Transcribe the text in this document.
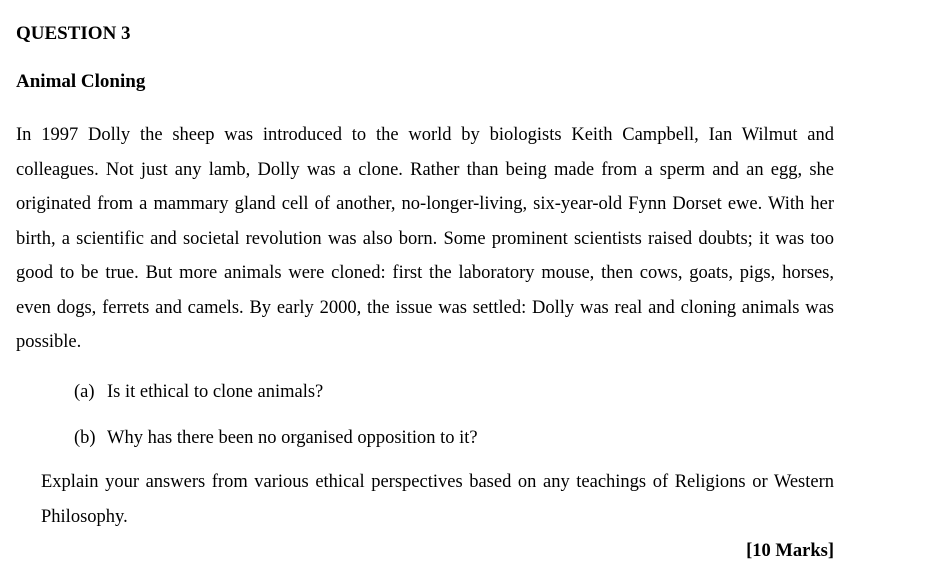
QUESTION 3
Animal Cloning

In 1997 Dolly the sheep was introduced to the world by biologists Keith Campbell, Ian Wilmut and colleagues. Not just any lamb, Dolly was a clone. Rather than being made from a sperm and an egg, she originated from a mammary gland cell of another, no-longer-living, six-year-old Fynn Dorset ewe. With her birth, a scientific and societal revolution was also born. Some prominent scientists raised doubts; it was too good to be true. But more animals were cloned: first the laboratory mouse, then cows, goats, pigs, horses, even dogs, ferrets and camels. By early 2000, the issue was settled: Dolly was real and cloning animals was possible.

(a) Is it ethical to clone animals?
(b) Why has there been no organised opposition to it?

Explain your answers from various ethical perspectives based on any teachings of Religions or Western Philosophy.

[10 Marks]
